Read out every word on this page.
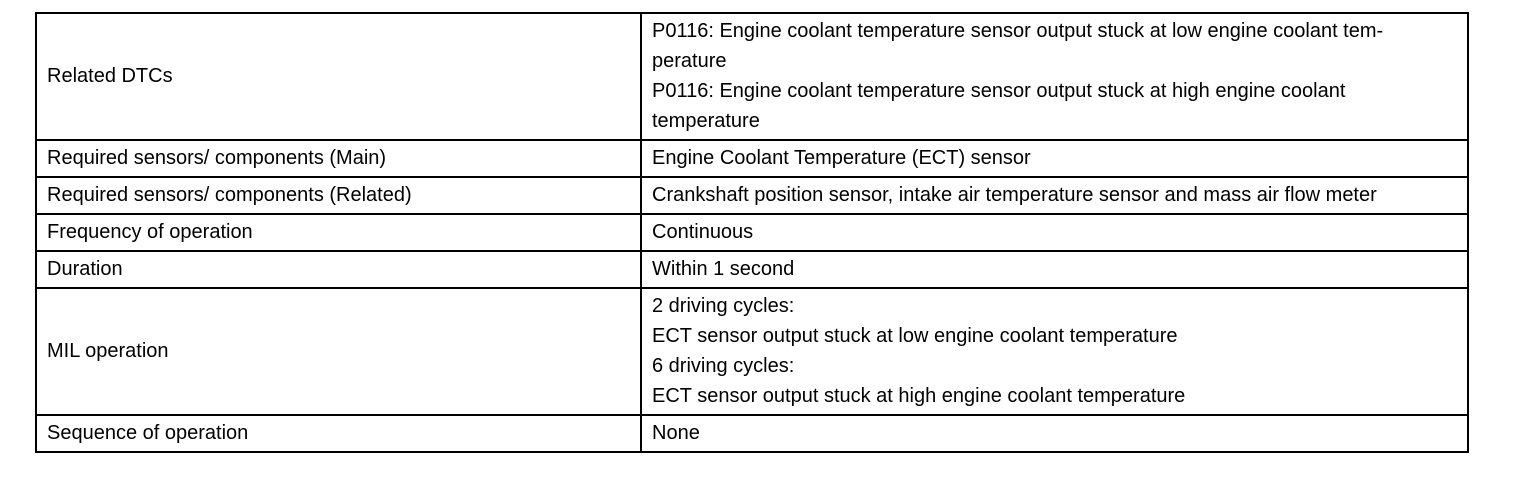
Related DTCs	P0116: Engine coolant temperature sensor output stuck at low engine coolant tem-
perature
P0116: Engine coolant temperature sensor output stuck at high engine coolant
temperature

Required sensors/ components (Main)	Engine Coolant Temperature (ECT) sensor

Required sensors/ components (Related)	Crankshaft position sensor, intake air temperature sensor and mass air flow meter

Frequency of operation	Continuous

Duration	Within 1 second

MIL operation	2 driving cycles:
ECT sensor output stuck at low engine coolant temperature
6 driving cycles:
ECT sensor output stuck at high engine coolant temperature

Sequence of operation	None
